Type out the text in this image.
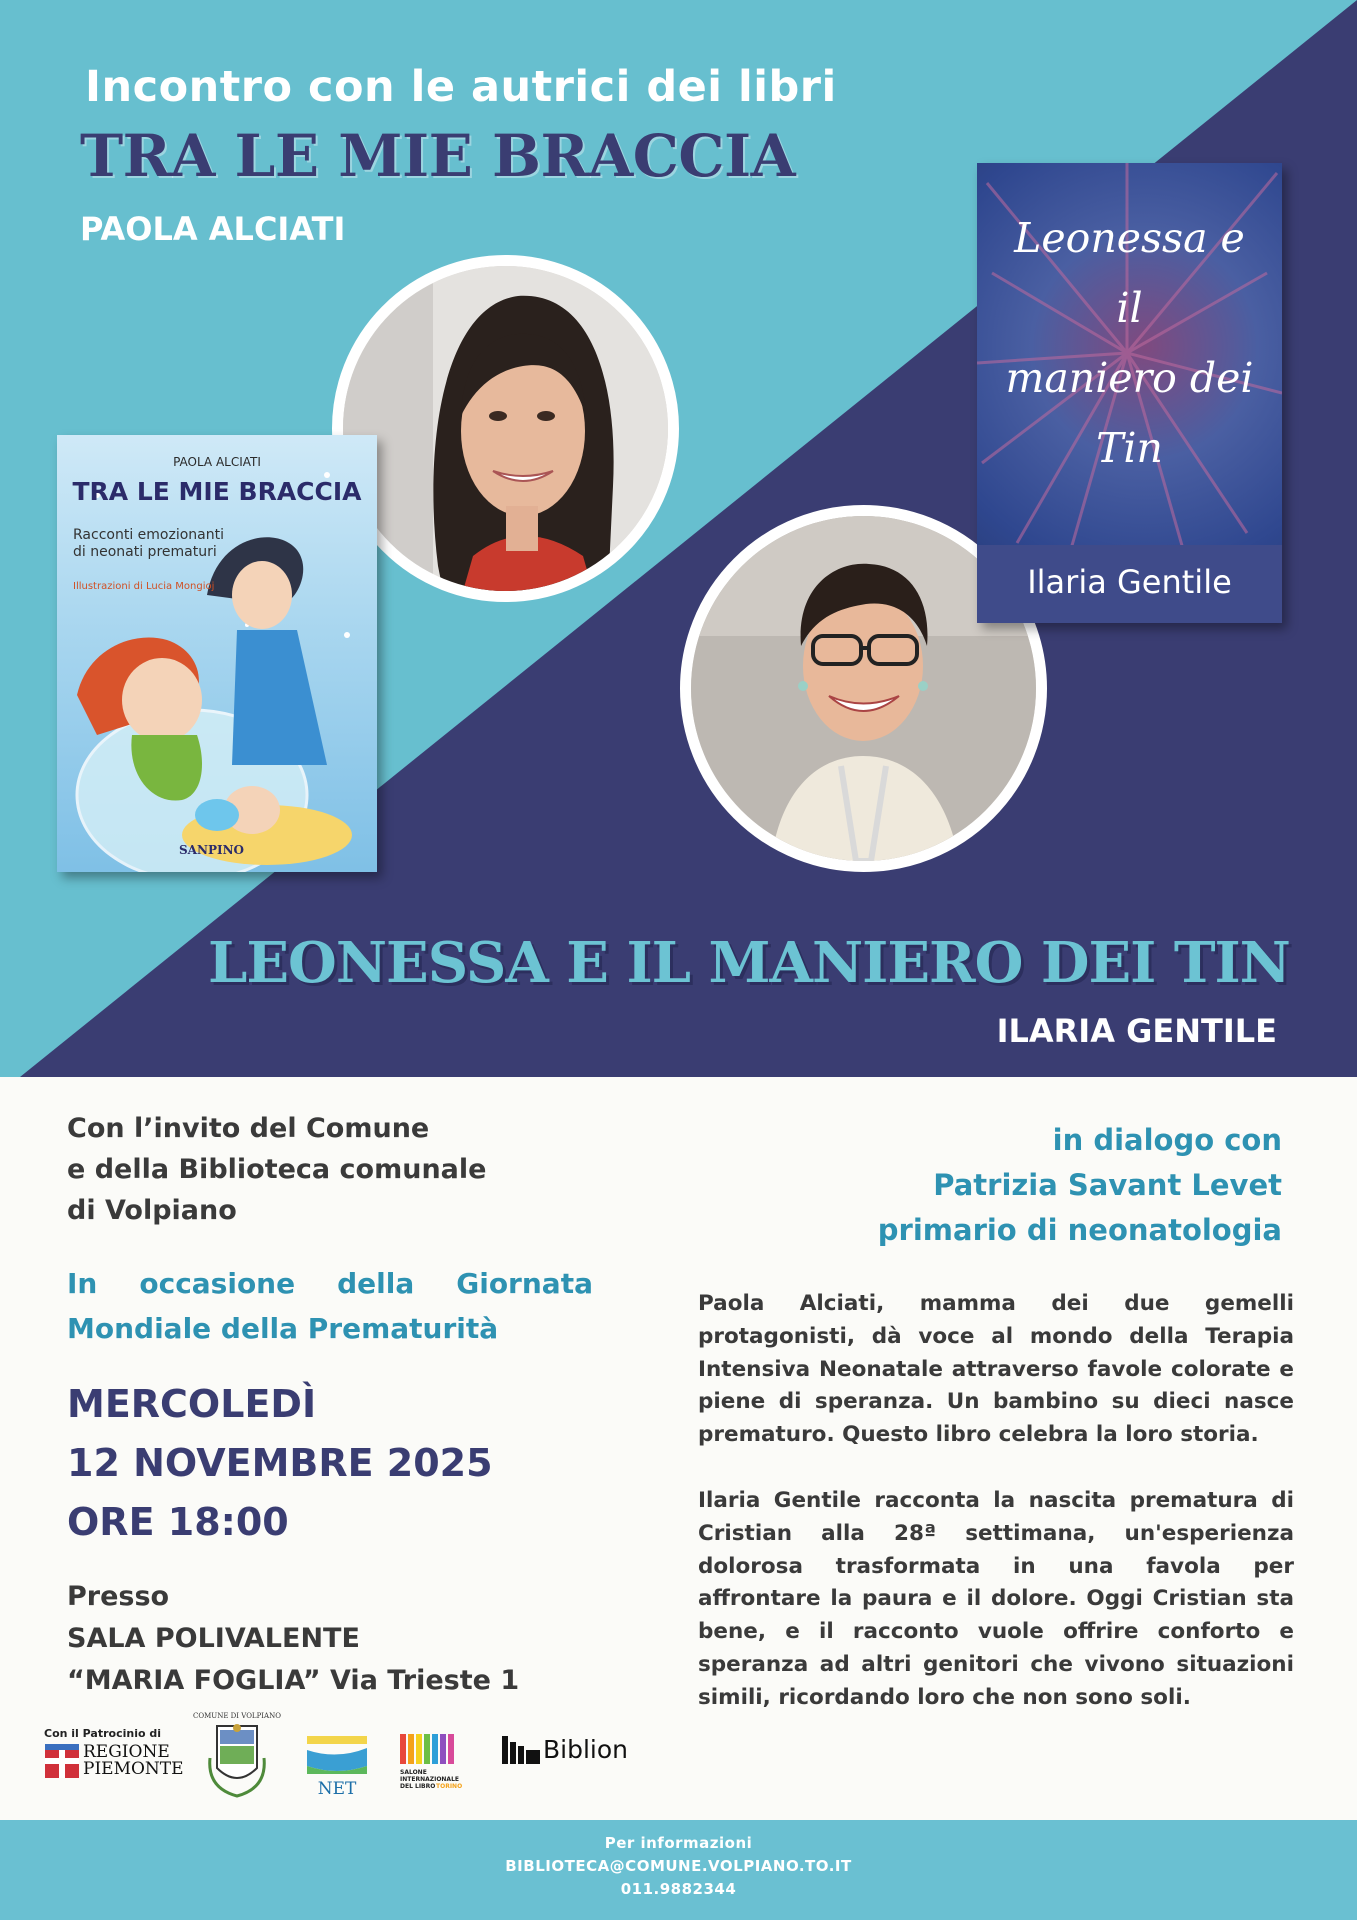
Incontro con le autrici dei libri
TRA LE MIE BRACCIA
PAOLA ALCIATI
PAOLA ALCIATI
TRA LE MIE BRACCIA
Racconti emozionanti
di neonati prematuri
Illustrazioni di Lucia Mongioj
SANPINO
Leonessa e il
maniero dei
Tin
Ilaria Gentile
LEONESSA E IL MANIERO DEI TIN
ILARIA GENTILE

Con l’invito del Comune

e della Biblioteca comunale

di Volpiano

In occasione della Giornata

Mondiale della Prematurità

MERCOLEDÌ

12 NOVEMBRE 2025

ORE 18:00

Presso

SALA POLIVALENTE

“MARIA FOGLIA” Via Trieste 1

in dialogo con

Patrizia Savant Levet

primario di neonatologia

Paola Alciati, mamma dei due gemelli protagonisti, dà voce al mondo della Terapia Intensiva Neonatale attraverso favole colorate e piene di speranza. Un bambino su dieci nasce prematuro. Questo libro celebra la loro storia.

Ilaria Gentile racconta la nascita prematura di Cristian alla 28ª settimana, un'esperienza dolorosa trasformata in una favola per affrontare la paura e il dolore. Oggi Cristian sta bene, e il racconto vuole offrire conforto e speranza ad altri genitori che vivono situazioni simili, ricordando loro che non sono soli.

Con il Patrocinio di
REGIONE
PIEMONTE
COMUNE DI VOLPIANO
NET
SALONE
INTERNAZIONALE
DEL LIBRO TORINO
Biblion

Per informazioni

BIBLIOTECA@COMUNE.VOLPIANO.TO.IT

011.9882344
